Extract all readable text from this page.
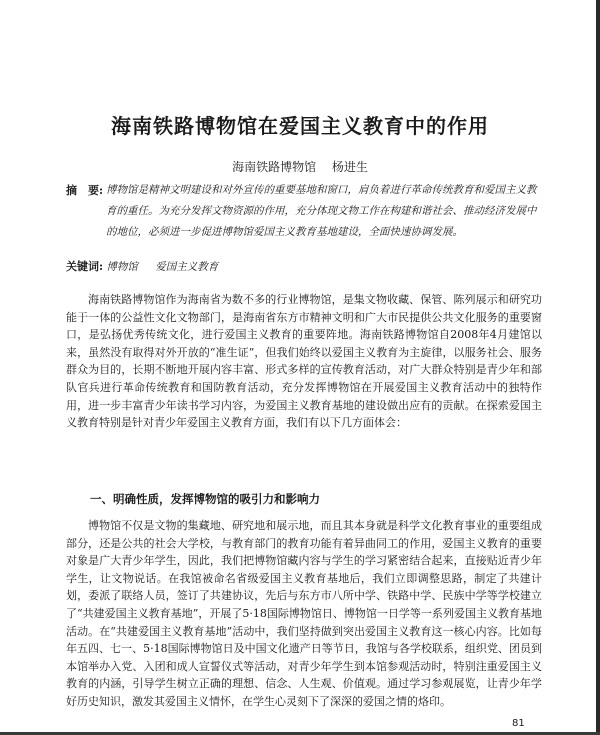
海南铁路博物馆在爱国主义教育中的作用
海南铁路博物馆 杨进生
摘　要: 博物馆是精神文明建设和对外宣传的重要基地和窗口，肩负着进行革命传统教育和爱国主义教育的重任。为充分发挥文物资源的作用，充分体现文物工作在构建和谐社会、推动经济发展中的地位，必须进一步促进博物馆爱国主义教育基地建设，全面快速协调发展。
关键词: 博物馆 爱国主义教育

海南铁路博物馆作为海南省为数不多的行业博物馆，是集文物收藏、保管、陈列展示和研究功能于一体的公益性文化文物部门，是海南省东方市精神文明和广大市民提供公共文化服务的重要窗口，是弘扬优秀传统文化，进行爱国主义教育的重要阵地。海南铁路博物馆自2008年4月建馆以来，虽然没有取得对外开放的“准生证”，但我们始终以爱国主义教育为主旋律，以服务社会、服务群众为目的，长期不断地开展内容丰富、形式多样的宣传教育活动，对广大群众特别是青少年和部队官兵进行革命传统教育和国防教育活动，充分发挥博物馆在开展爱国主义教育活动中的独特作用，进一步丰富青少年读书学习内容，为爱国主义教育基地的建设做出应有的贡献。在探索爱国主义教育特别是针对青少年爱国主义教育方面，我们有以下几方面体会：

一、明确性质，发挥博物馆的吸引力和影响力

博物馆不仅是文物的集藏地、研究地和展示地，而且其本身就是科学文化教育事业的重要组成部分，还是公共的社会大学校，与教育部门的教育功能有着异曲同工的作用，爱国主义教育的重要对象是广大青少年学生，因此，我们把博物馆藏内容与学生的学习紧密结合起来，直接贴近青少年学生，让文物说话。在我馆被命名省级爱国主义教育基地后，我们立即调整思路，制定了共建计划，委派了联络人员，签订了共建协议，先后与东方市八所中学、铁路中学、民族中学等学校建立了“共建爱国主义教育基地”，开展了5·18国际博物馆日、博物馆一日学等一系列爱国主义教育基地活动。在“共建爱国主义教育基地”活动中，我们坚持做到突出爱国主义教育这一核心内容。比如每年五四、七一、5·18国际博物馆日及中国文化遗产日等节日，我馆与各学校联系，组织党、团员到本馆举办入党、入团和成人宣誓仪式等活动，对青少年学生到本馆参观活动时，特别注重爱国主义教育的内涵，引导学生树立正确的理想、信念、人生观、价值观。通过学习参观展览，让青少年学好历史知识，激发其爱国主义情怀，在学生心灵刻下了深深的爱国之情的烙印。

81
